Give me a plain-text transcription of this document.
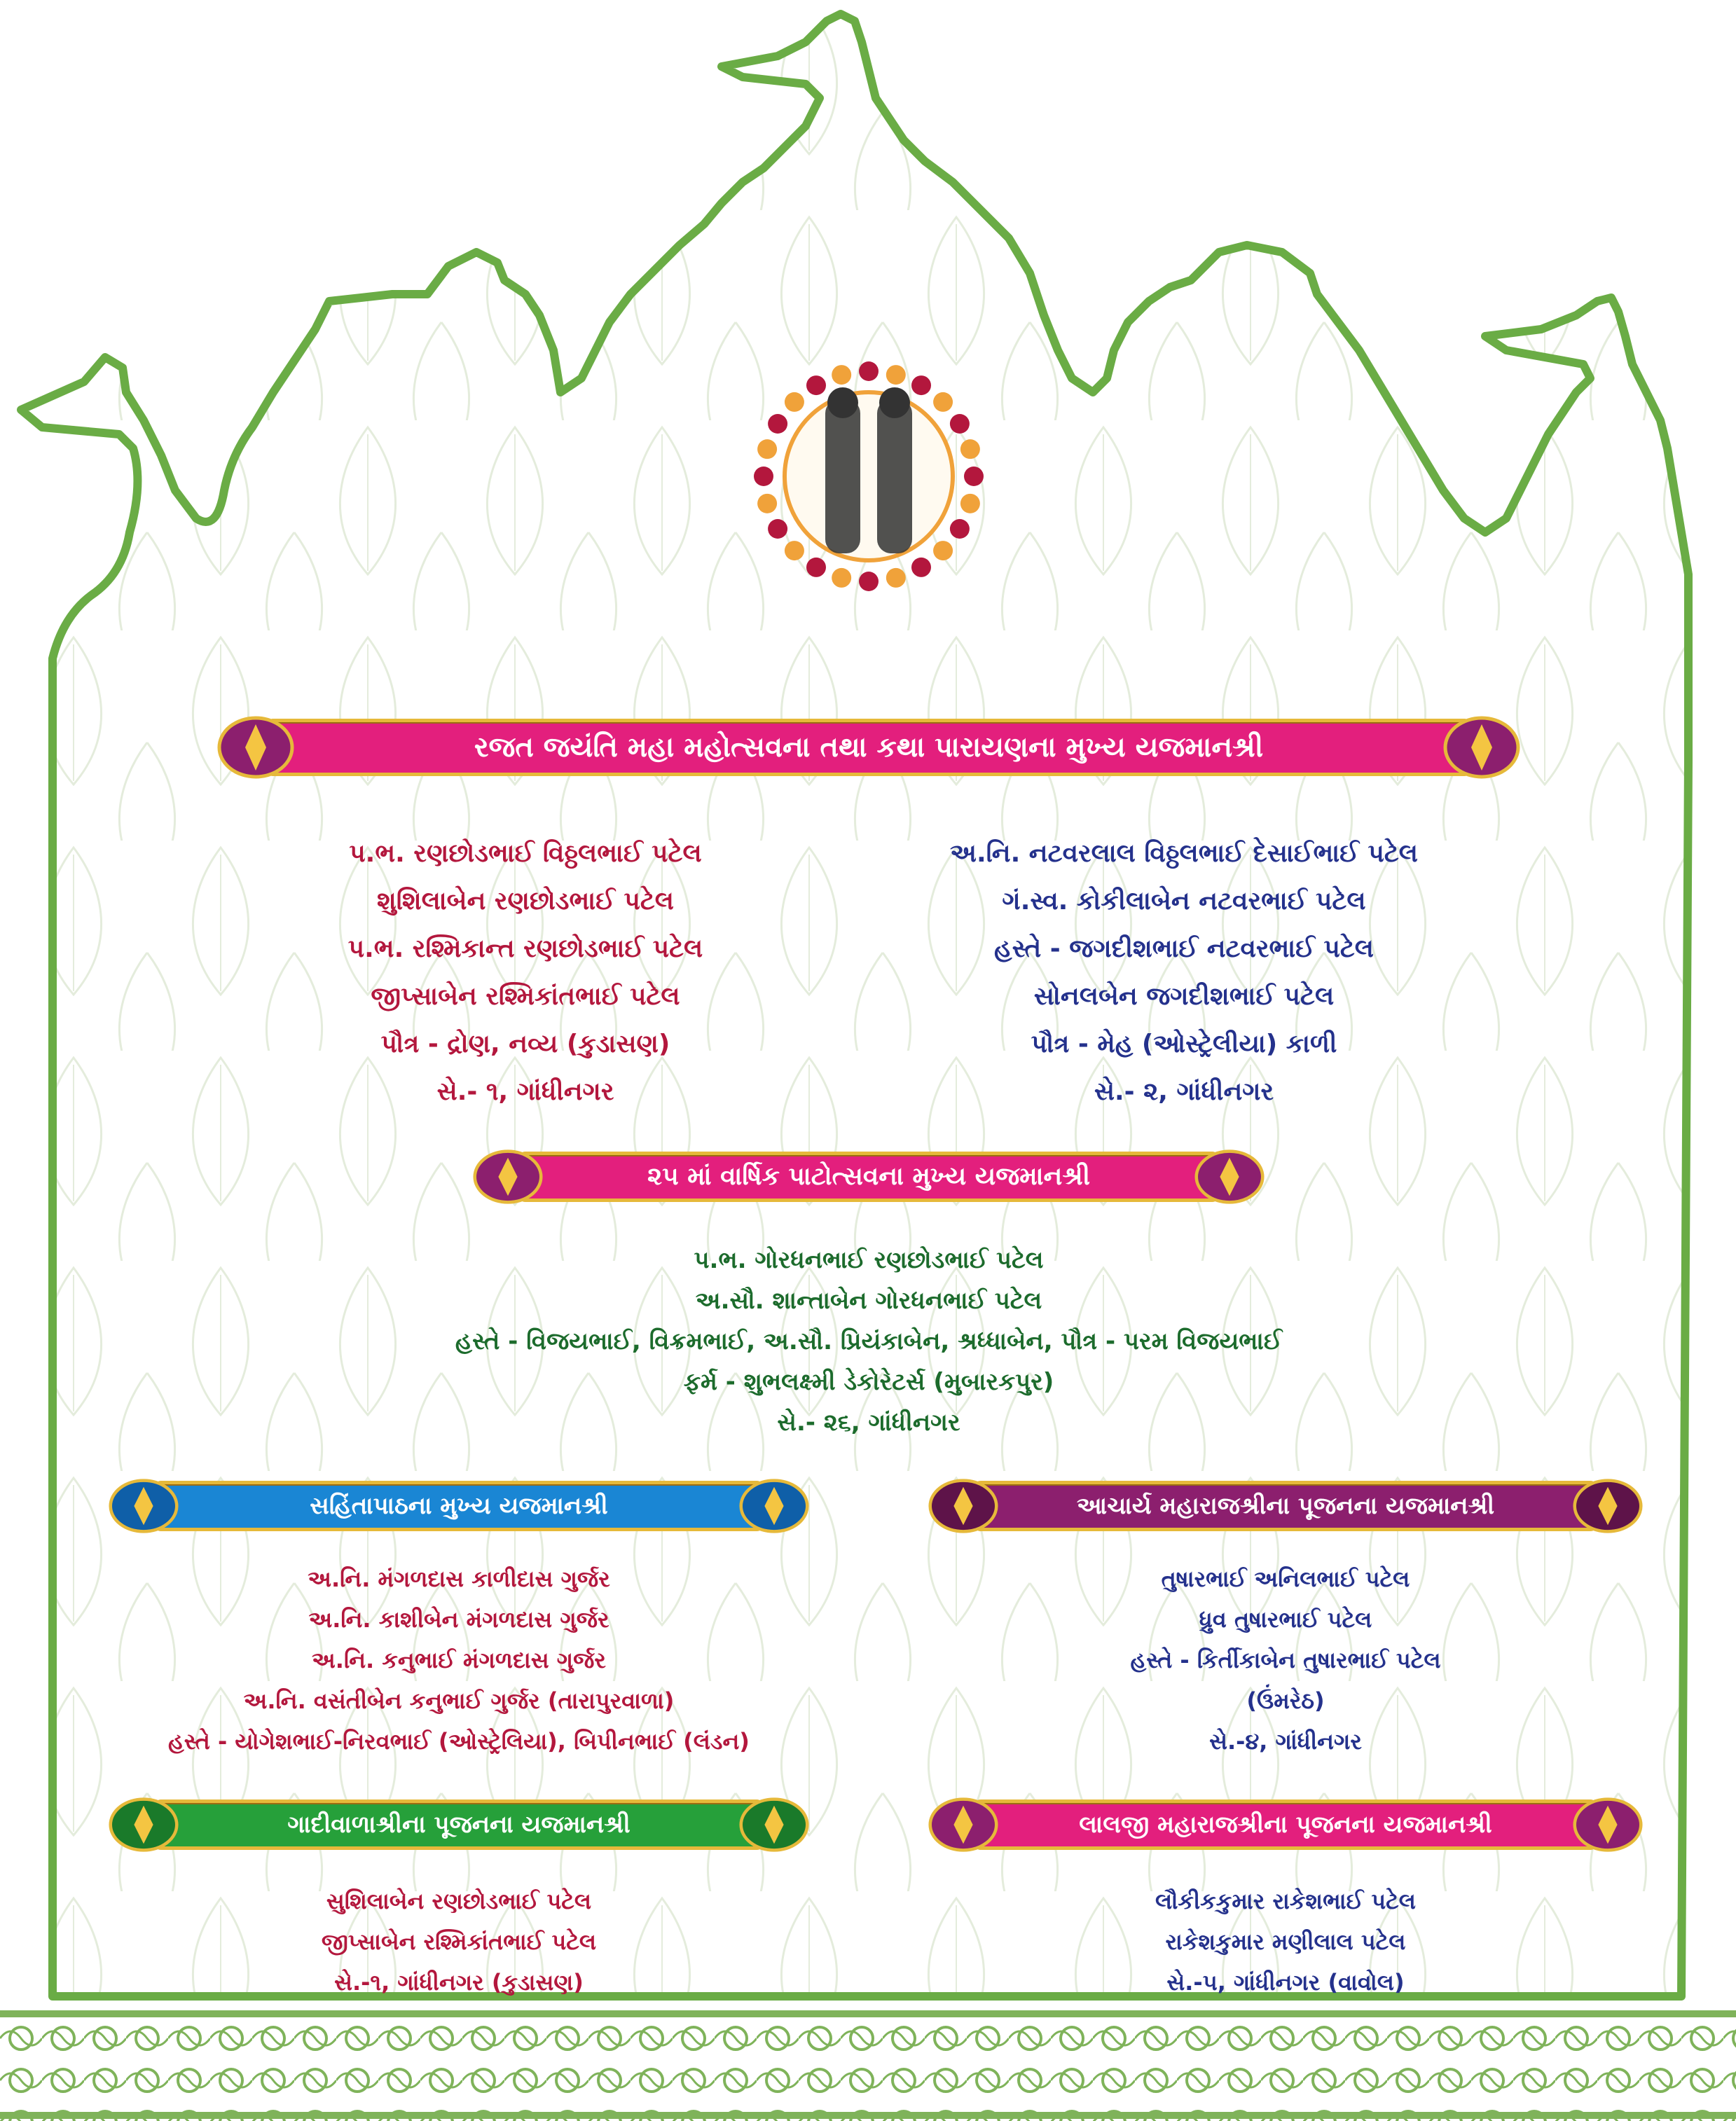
રજત જયંતિ મહા મહોત્સવના તથા કથા પારાયણના મુખ્ય યજમાનશ્રી
પ.ભ. રણછોડભાઈ વિઠ્ઠલભાઈ પટેલ
શુશિલાબેન રણછોડભાઈ પટેલ
પ.ભ. રશ્મિકાન્ત રણછોડભાઈ પટેલ
જીપ્સાબેન રશ્મિકાંતભાઈ પટેલ
પૌત્ર - દ્રોણ, નવ્ય (કુડાસણ)
સે.- ૧, ગાંધીનગર
અ.નિ. નટવરલાલ વિઠ્ઠલભાઈ દેસાઈભાઈ પટેલ
ગં.સ્વ. કોકીલાબેન નટવરભાઈ પટેલ
હસ્તે - જગદીશભાઈ નટવરભાઈ પટેલ
સોનલબેન જગદીશભાઈ પટેલ
પૌત્ર - મેહ (ઓસ્ટ્રેલીયા) કાળી
સે.- ૨, ગાંધીનગર
૨૫ માં વાર્ષિક પાટોત્સવના મુખ્ય યજમાનશ્રી
પ.ભ. ગોરધનભાઈ રણછોડભાઈ પટેલ
અ.સૌ. શાન્તાબેન ગોરધનભાઈ પટેલ
હસ્તે - વિજયભાઈ, વિક્રમભાઈ, અ.સૌ. પ્રિયંકાબેન, શ્રધ્ધાબેન, પૌત્ર - પરમ વિજયભાઈ
ફર્મ - શુભલક્ષ્મી ડેકોરેટર્સ (મુબારકપુર)
સે.- ૨૬, ગાંધીનગર
સહિંતાપાઠના મુખ્ય યજમાનશ્રી	આચાર્ય મહારાજશ્રીના પૂજનના યજમાનશ્રી
અ.નિ. મંગળદાસ કાળીદાસ ગુર્જર
અ.નિ. કાશીબેન મંગળદાસ ગુર્જર
અ.નિ. કનુભાઈ મંગળદાસ ગુર્જર
અ.નિ. વસંતીબેન કનુભાઈ ગુર્જર (તારાપુરવાળા)
હસ્તે - યોગેશભાઈ-નિરવભાઈ (ઓસ્ટ્રેલિયા), બિપીનભાઈ (લંડન)
તુષારભાઈ અનિલભાઈ પટેલ
ધ્રુવ તુષારભાઈ પટેલ
હસ્તે - કિર્તીકાબેન તુષારભાઈ પટેલ
(ઉંમરેઠ)
સે.-૪, ગાંધીનગર
ગાદીવાળાશ્રીના પૂજનના યજમાનશ્રી	લાલજી મહારાજશ્રીના પૂજનના યજમાનશ્રી
સુશિલાબેન રણછોડભાઈ પટેલ
જીપ્સાબેન રશ્મિકાંતભાઈ પટેલ
સે.-૧, ગાંધીનગર (કુડાસણ)
લૌકીકકુમાર રાકેશભાઈ પટેલ
રાકેશકુમાર મણીલાલ પટેલ
સે.-૫, ગાંધીનગર (વાવોલ)
